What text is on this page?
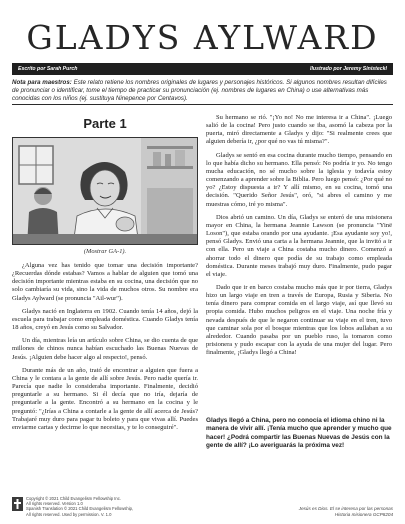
GLADYS AYLWARD
Escrito por Sarah Purch	Ilustrado por Jeremy Sinisteckl
Nota para maestros: Este relato retiene los nombres originales de lugares y personajes históricos. Si algunos nombres resultan difíciles de pronunciar o identificar, tome el tiempo de practicar su pronunciación (ej. nombres de lugares en China) o use alternativas más conocidas con los niños (ej. sustituya Ninepence por Centavos).
Parte 1
(Mostrar GA-1).

¿Alguna vez has tenido que tomar una decisión importante? ¿Recuerdas dónde estabas? Vamos a hablar de alguien que tomó una decisión importante mientras estaba en su cocina, una decisión que no solo cambiaría su vida, sino la vida de muchos otros. Su nombre era Gladys Aylward (se pronuncia "Ail-wur").

Gladys nació en Inglaterra en 1902. Cuando tenía 14 años, dejó la escuela para trabajar como empleada doméstica. Cuando Gladys tenía 18 años, creyó en Jesús como su Salvador.

Un día, mientras leía un artículo sobre China, se dio cuenta de que millones de chinos nunca habían escuchado las Buenas Nuevas de Jesús. ¡Alguien debe hacer algo al respecto!, pensó.

Durante más de un año, trató de encontrar a alguien que fuera a China y le contara a la gente de allí sobre Jesús. Pero nadie quería ir. Parecía que nadie lo consideraba importante. Finalmente, decidió preguntarle a su hermano. Si él decía que no iría, dejaría de preguntarle a la gente. Encontró a su hermano en la cocina y le preguntó: "¿Irías a China a contarle a la gente de allí acerca de Jesús? Trabajaré muy duro para pagar tu boleto y para que vivas allí. Puedes enviarme cartas y decirme lo que necesitas, y te lo conseguiré".

Su hermano se rió. "¡Yo no! No me interesa ir a China". ¡Luego salió de la cocina! Pero justo cuando se iba, asomó la cabeza por la puerta, miró directamente a Gladys y dijo: "Si realmente crees que alguien debería ir, ¿por qué no vas tú misma?".

Gladys se sentó en esa cocina durante mucho tiempo, pensando en lo que había dicho su hermano. Ella pensó: No podría ir yo. No tengo mucha educación, no sé mucho sobre la iglesia y todavía estoy comenzando a aprender sobre la Biblia. Pero luego pensó: ¿Por qué no yo? ¿Estoy dispuesta a ir? Y allí mismo, en su cocina, tomó una decisión. "Querido Señor Jesús", oró, "si abres el camino y me muestras cómo, iré yo misma".

Dios abrió un camino. Un día, Gladys se enteró de una misionera mayor en China, la hermana Jeannie Lawson (se pronuncia "Yinë Loson"), que estaba orando por una ayudante. ¡Esa ayudante soy yo!, pensó Gladys. Envió una carta a la hermana Jeannie, que la invitó a ir con ella. Pero un viaje a China costaba mucho dinero. Comenzó a ahorrar todo el dinero que podía de su trabajo como empleada doméstica. Durante meses trabajó muy duro. Finalmente, pudo pagar el viaje.

Dado que ir en barco costaba mucho más que ir por tierra, Gladys hizo un largo viaje en tren a través de Europa, Rusia y Siberia. No tenía dinero para comprar comida en el largo viaje, así que llevó su propia comida. Hubo muchos peligros en el viaje. Una noche fría y nevada después de que le negaron continuar su viaje en el tren, tuvo que caminar sola por el bosque mientras que los lobos aullaban a su alrededor. Cuando pasaba por un pueblo ruso, la tomaron como prisionera y pudo escapar con la ayuda de una mujer del lugar. Pero finalmente, ¡Gladys llegó a China!

Gladys llegó a China, pero no conocía el idioma chino ni la manera de vivir allí. ¡Tenía mucho que aprender y mucho que hacer! ¿Podrá compartir las Buenas Nuevas de Jesús con la gente de allí? ¡Lo averiguarás la próxima vez!
Copyright © 2021 Child Evangelism Fellowship Inc.
All rights reserved. Version 1.0
Spanish Translation © 2021 Child Evangelism Fellowship,
All rights reserved. Used by permission. V. 1.0
Jesús es Dios. El se interesa por las personas
Historia misionera GCP8204
